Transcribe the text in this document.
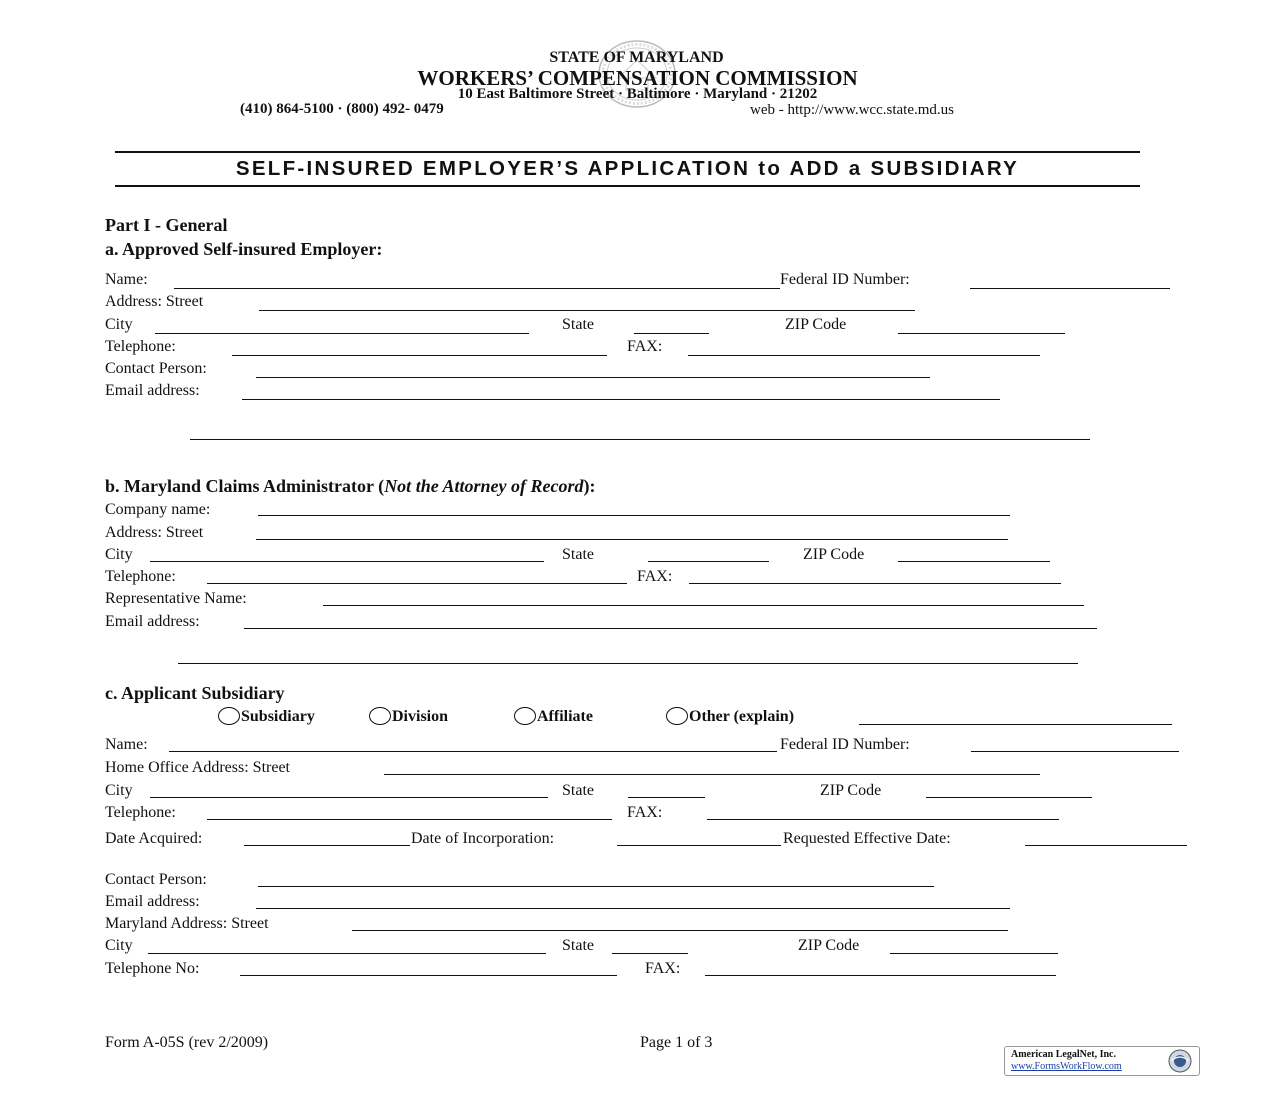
STATE OF MARYLAND
WORKERS’ COMPENSATION COMMISSION
10 East Baltimore Street · Baltimore · Maryland · 21202
(410) 864-5100 · (800) 492- 0479	web - http://www.wcc.state.md.us
SELF-INSURED EMPLOYER’S APPLICATION to ADD a SUBSIDIARY
Part I - General
a. Approved Self-insured Employer:
Name:	Federal ID Number:
Address: Street
City	State	ZIP Code
Telephone:	FAX:
Contact Person:
Email address:
b. Maryland Claims Administrator (Not the Attorney of Record):
Company name:
Address: Street
City	State	ZIP Code
Telephone:	FAX:
Representative Name:
Email address:
c. Applicant Subsidiary
Subsidiary	Division	Affiliate	Other (explain)
Name:	Federal ID Number:
Home Office Address: Street
City	State	ZIP Code
Telephone:	FAX:
Date Acquired:	Date of Incorporation:	Requested Effective Date:
Contact Person:
Email address:
Maryland Address: Street
City	State	ZIP Code
Telephone No:	FAX:
Form A-05S (rev 2/2009)	Page 1 of 3
American LegalNet, Inc.
www.FormsWorkFlow.com
